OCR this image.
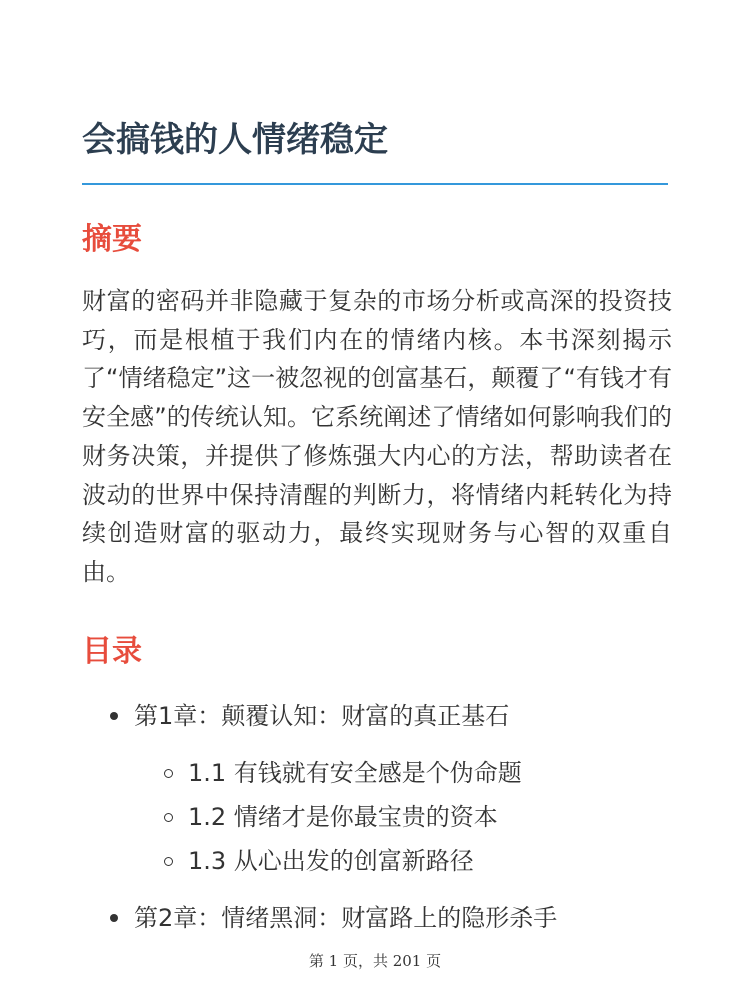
会搞钱的人情绪稳定
摘要

财富的密码并非隐藏于复杂的市场分析或高深的投资技巧，而是根植于我们内在的情绪内核。本书深刻揭示了“情绪稳定”这一被忽视的创富基石，颠覆了“有钱才有安全感”的传统认知。它系统阐述了情绪如何影响我们的财务决策，并提供了修炼强大内心的方法，帮助读者在波动的世界中保持清醒的判断力，将情绪内耗转化为持续创造财富的驱动力，最终实现财务与心智的双重自由。

目录
第1章：颠覆认知：财富的真正基石
1.1 有钱就有安全感是个伪命题
1.2 情绪才是你最宝贵的资本
1.3 从心出发的创富新路径
第2章：情绪黑洞：财富路上的隐形杀手
第 1 页，共 201 页
